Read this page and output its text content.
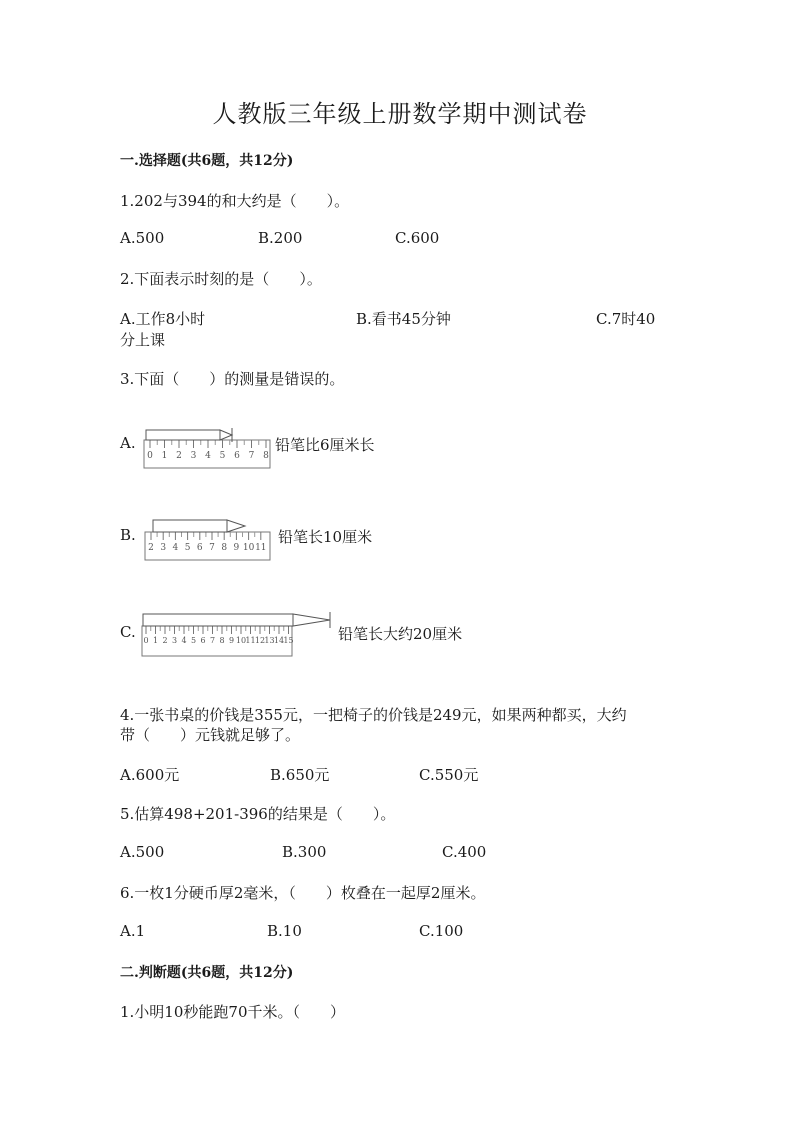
人教版三年级上册数学期中测试卷
一.选择题(共6题，共12分)
1.202与394的和大约是（　　）。
A.500	B.200	C.600
2.下面表示时刻的是（　　）。
A.工作8小时	B.看书45分钟	C.7时40
分上课
3.下面（　　）的测量是错误的。
A.
0 1 2 3 4 5 6 7 8
铅笔比6厘米长
B.
2 3 4 5 6 7 8 9 10 11
铅笔长10厘米
C. 0 1 2 3 4 5 6 7 8 9 10 11 12 13 14 15	铅笔长大约20厘米
4.一张书桌的价钱是355元，一把椅子的价钱是249元，如果两种都买，大约
带（　　）元钱就足够了。
A.600元	B.650元	C.550元
5.估算498+201-396的结果是（　　）。
A.500	B.300	C.400
6.一枚1分硬币厚2毫米，（　　）枚叠在一起厚2厘米。
A.1	B.10	C.100
二.判断题(共6题，共12分)
1.小明10秒能跑70千米。（　　）
